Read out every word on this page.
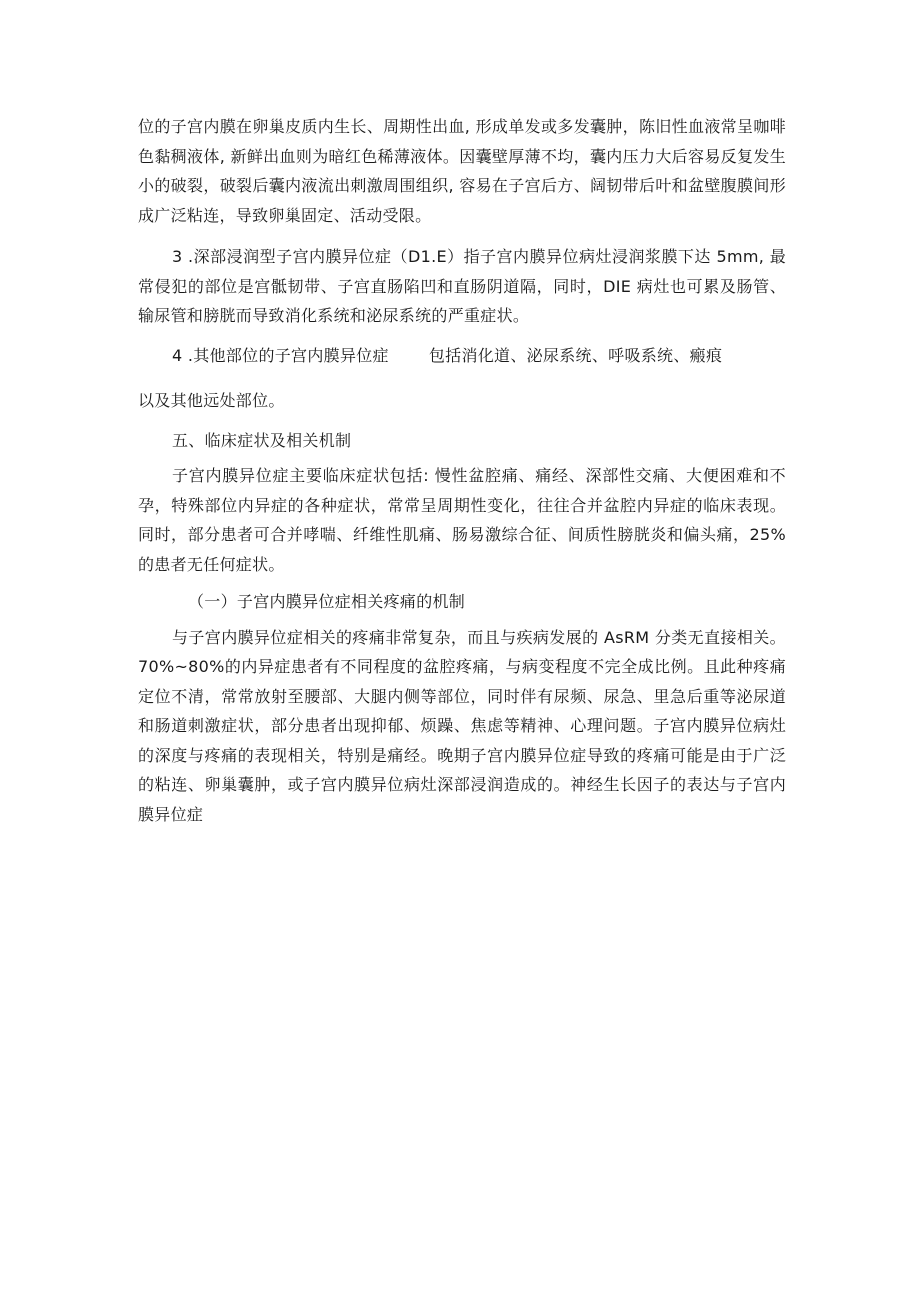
位的子宫内膜在卵巢皮质内生长、周期性出血, 形成单发或多发囊肿，陈旧性血液常呈咖啡色黏稠液体, 新鲜出血则为暗红色稀薄液体。因囊壁厚薄不均，囊内压力大后容易反复发生小的破裂，破裂后囊内液流出刺激周围组织, 容易在子宫后方、阔韧带后叶和盆壁腹膜间形成广泛粘连，导致卵巢固定、活动受限。

3 .深部浸润型子宫内膜异位症（D1.E）指子宫内膜异位病灶浸润浆膜下达 5mm, 最常侵犯的部位是宫骶韧带、子宫直肠陷凹和直肠阴道隔，同时，DIE 病灶也可累及肠管、输尿管和膀胱而导致消化系统和泌尿系统的严重症状。

4 .其他部位的子宫内膜异位症	包括消化道、泌尿系统、呼吸系统、瘢痕

以及其他远处部位。

五、临床症状及相关机制

子宫内膜异位症主要临床症状包括: 慢性盆腔痛、痛经、深部性交痛、大便困难和不孕，特殊部位内异症的各种症状，常常呈周期性变化，往往合并盆腔内异症的临床表现。同时，部分患者可合并哮喘、纤维性肌痛、肠易激综合征、间质性膀胱炎和偏头痛，25%的患者无任何症状。

（一）子宫内膜异位症相关疼痛的机制

与子宫内膜异位症相关的疼痛非常复杂，而且与疾病发展的 AsRM 分类无直接相关。70%~80%的内异症患者有不同程度的盆腔疼痛，与病变程度不完全成比例。且此种疼痛定位不清，常常放射至腰部、大腿内侧等部位，同时伴有尿频、尿急、里急后重等泌尿道和肠道刺激症状，部分患者出现抑郁、烦躁、焦虑等精神、心理问题。子宫内膜异位病灶的深度与疼痛的表现相关，特别是痛经。晚期子宫内膜异位症导致的疼痛可能是由于广泛的粘连、卵巢囊肿，或子宫内膜异位病灶深部浸润造成的。神经生长因子的表达与子宫内膜异位症
